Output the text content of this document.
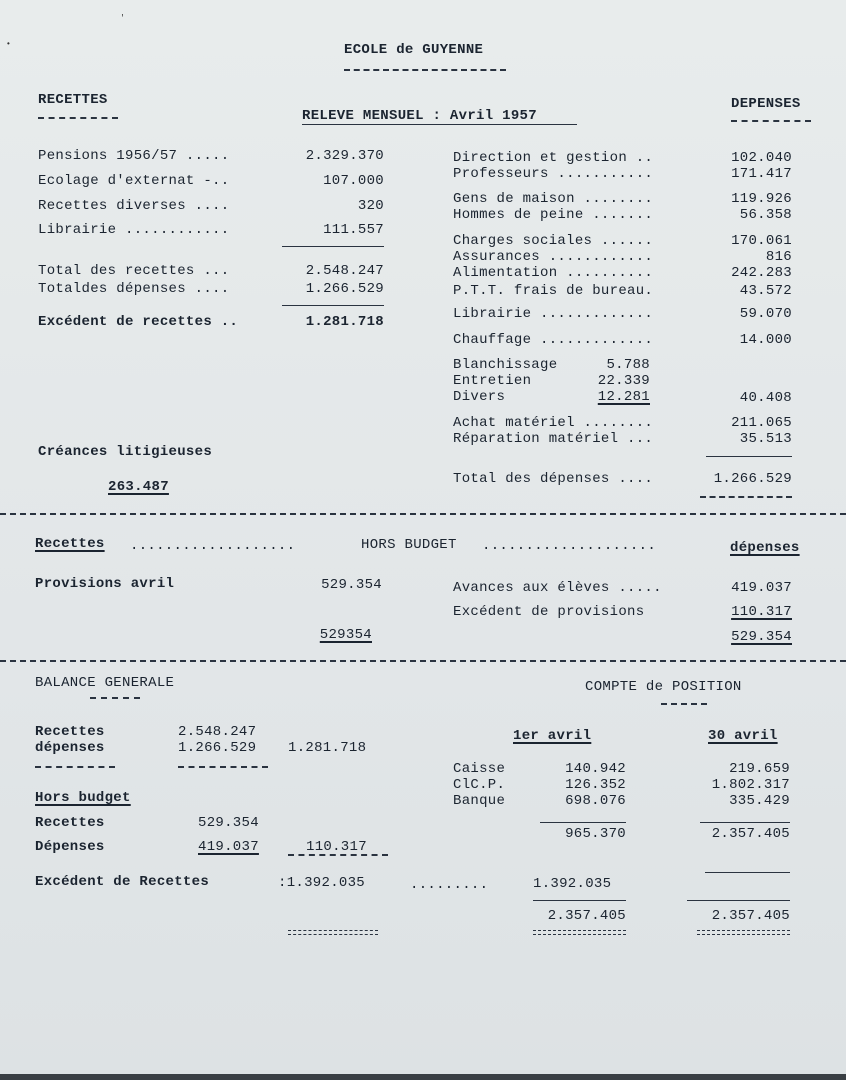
•
'
ECOLE de GUYENNE
RECETTES
RELEVE MENSUEL : Avril 1957
DEPENSES
Pensions 1956/57 .....	2.329.370
Ecolage d'externat -..	107.000
Recettes diverses ....	320
Librairie ............	111.557
Total des recettes ...	2.548.247
Totaldes dépenses ....	1.266.529
Excédent de recettes ..	1.281.718
Créances litigieuses
263.487
Direction et gestion ..	102.040
Professeurs ...........	171.417
Gens de maison ........	119.926
Hommes de peine .......	56.358
Charges sociales ......	170.061
Assurances ............	816
Alimentation ..........	242.283
P.T.T. frais de bureau.	43.572
Librairie .............	59.070
Chauffage .............	14.000
Blanchissage	5.788
Entretien	22.339
Divers	12.281	40.408
Achat matériel ........	211.065
Réparation matériel ...	35.513
Total des dépenses ....	1.266.529
Recettes ...................	HORS BUDGET ....................	dépenses
Provisions avril	529.354
529354
Avances aux élèves .....	419.037
Excédent de provisions	110.317
529.354
BALANCE GENERALE
Recettes	2.548.247
dépenses	1.266.529 1.281.718
Hors budget
Recettes	529.354
Dépenses	419.037	110.317
Excédent de Recettes	:1.392.035	.........	1.392.035
COMPTE de POSITION
1er avril	30 avril
Caisse	140.942	219.659
ClC.P.	126.352	1.802.317
Banque	698.076	335.429
965.370	2.357.405
2.357.405	2.357.405
